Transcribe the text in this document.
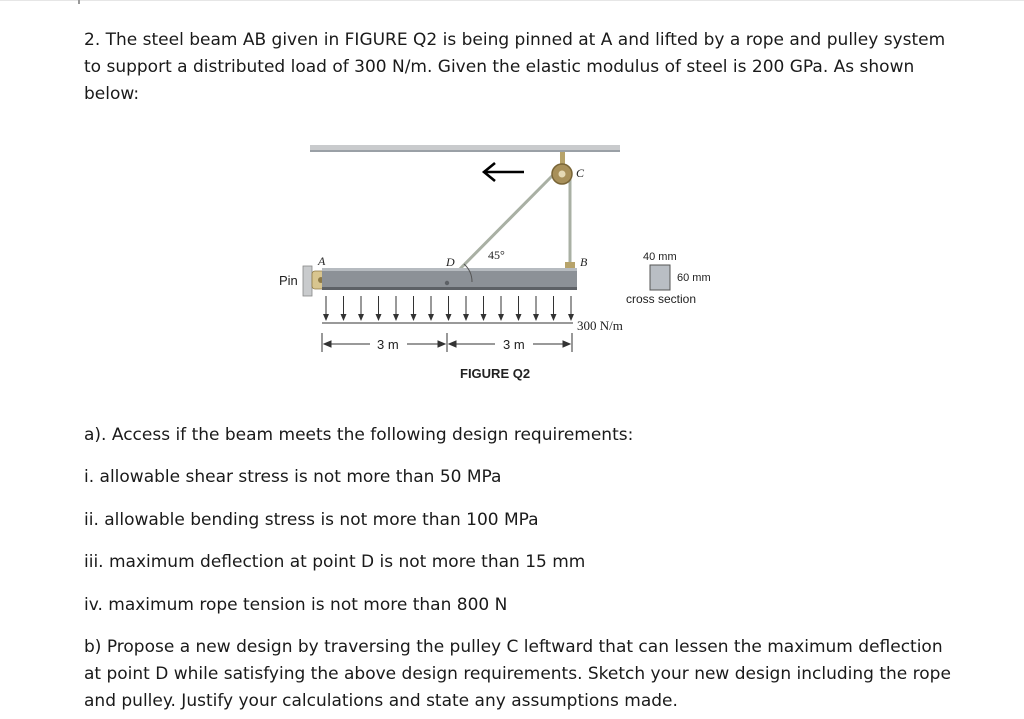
2. The steel beam AB given in FIGURE Q2 is being pinned at A and lifted by a rope and pulley system to support a distributed load of 300 N/m. Given the elastic modulus of steel is 200 GPa. As shown below:

C
Pin
A	D	45°	B
300 N/m
3 m	3 m
40 mm
60 mm
cross section
FIGURE Q2

a). Access if the beam meets the following design requirements:

i. allowable shear stress is not more than 50 MPa

ii. allowable bending stress is not more than 100 MPa

iii. maximum deflection at point D is not more than 15 mm

iv. maximum rope tension is not more than 800 N

b) Propose a new design by traversing the pulley C leftward that can lessen the maximum deflection at point D while satisfying the above design requirements. Sketch your new design including the rope and pulley. Justify your calculations and state any assumptions made.
